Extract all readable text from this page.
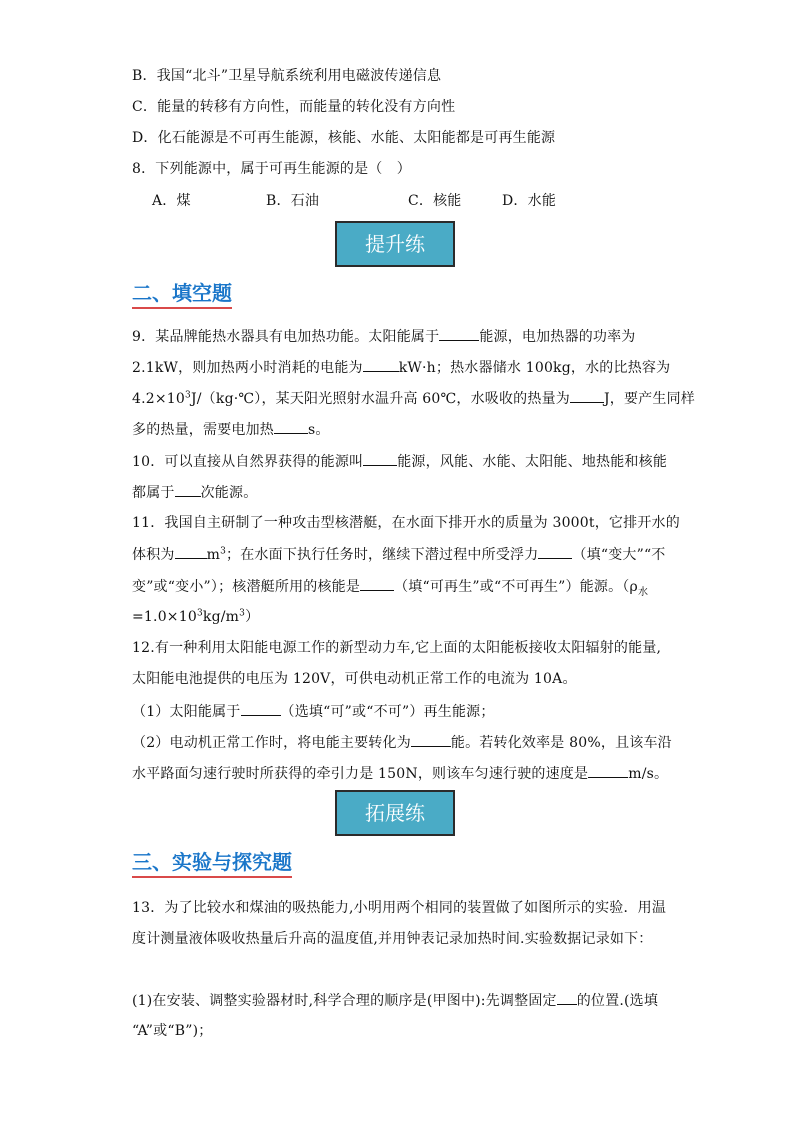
B．我国“北斗”卫星导航系统利用电磁波传递信息
C．能量的转移有方向性，而能量的转化没有方向性
D．化石能源是不可再生能源，核能、水能、太阳能都是可再生能源
8．下列能源中，属于可再生能源的是（　）
A．煤	B．石油	C．核能	D．水能
提升练
二、填空题
9．某品牌能热水器具有电加热功能。太阳能属于	能源，电加热器的功率为
2.1kW，则加热两小时消耗的电能为	kW·h；热水器储水 100kg，水的比热容为
$4.2\times 10^3J/(kg\cdot℃)$，某天阳光照射水温升高 60℃，水吸收的热量为 J，要产生同样
多的热量，需要电加热 s。
10．可以直接从自然界获得的能源叫 能源，风能、水能、太阳能、地热能和核能
都属于 次能源。
11．我国自主研制了一种攻击型核潜艇，在水面下排开水的质量为 3000t，它排开水的
体积为 $m^3$；在水面下执行任务时，继续下潜过程中所受浮力 （填“变大”“不
变”或“变小”）；核潜艇所用的核能是 （填“可再生”或“不可再生”）能源。（$\rho_水$
$=1.0\times 10^3kg/m^3$）
12.有一种利用太阳能电源工作的新型动力车,它上面的太阳能板接收太阳辐射的能量,
太阳能电池提供的电压为 120V，可供电动机正常工作的电流为 10A。
（1）太阳能属于	（选填“可”或“不可”）再生能源；
（2）电动机正常工作时，将电能主要转化为	能。若转化效率是 80%，且该车沿
水平路面匀速行驶时所获得的牵引力是 150N，则该车匀速行驶的速度是	m/s。
拓展练
三、实验与探究题
13．为了比较水和煤油的吸热能力,小明用两个相同的装置做了如图所示的实验．用温
度计测量液体吸收热量后升高的温度值,并用钟表记录加热时间.实验数据记录如下：
(1)在安装、调整实验器材时,科学合理的顺序是(甲图中):先调整固定 的位置.(选填
“A”或“B”)；
